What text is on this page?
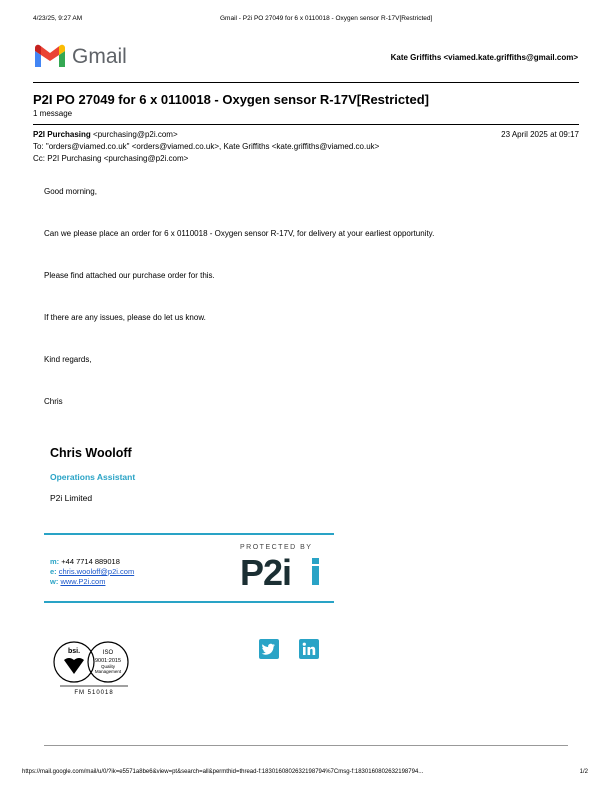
4/23/25, 9:27 AM	Gmail - P2i PO 27049 for 6 x 0110018 - Oxygen sensor R-17V[Restricted]
Gmail	Kate Griffiths <viamed.kate.griffiths@gmail.com>
P2I PO 27049 for 6 x 0110018 - Oxygen sensor R-17V[Restricted]
1 message
P2I Purchasing <purchasing@p2i.com>	23 April 2025 at 09:17
To: "orders@viamed.co.uk" <orders@viamed.co.uk>, Kate Griffiths <kate.griffiths@viamed.co.uk>
Cc: P2I Purchasing <purchasing@p2i.com>
Good morning,
Can we please place an order for 6 x 0110018 - Oxygen sensor R-17V, for delivery at your earliest opportunity.
Please find attached our purchase order for this.
If there are any issues, please do let us know.
Kind regards,
Chris
Chris Wooloff
Operations Assistant
P2i Limited
m: +44 7714 889018
e: chris.wooloff@p2i.com
w: www.P2i.com
PROTECTED BY
P2i
bsi.	ISO
9001:2015
Quality
Management
FM 510018
https://mail.google.com/mail/u/0/?ik=e5571a8be6&view=pt&search=all&permthid=thread-f:1830160802632198794%7Cmsg-f:1830160802632198794...	1/2
